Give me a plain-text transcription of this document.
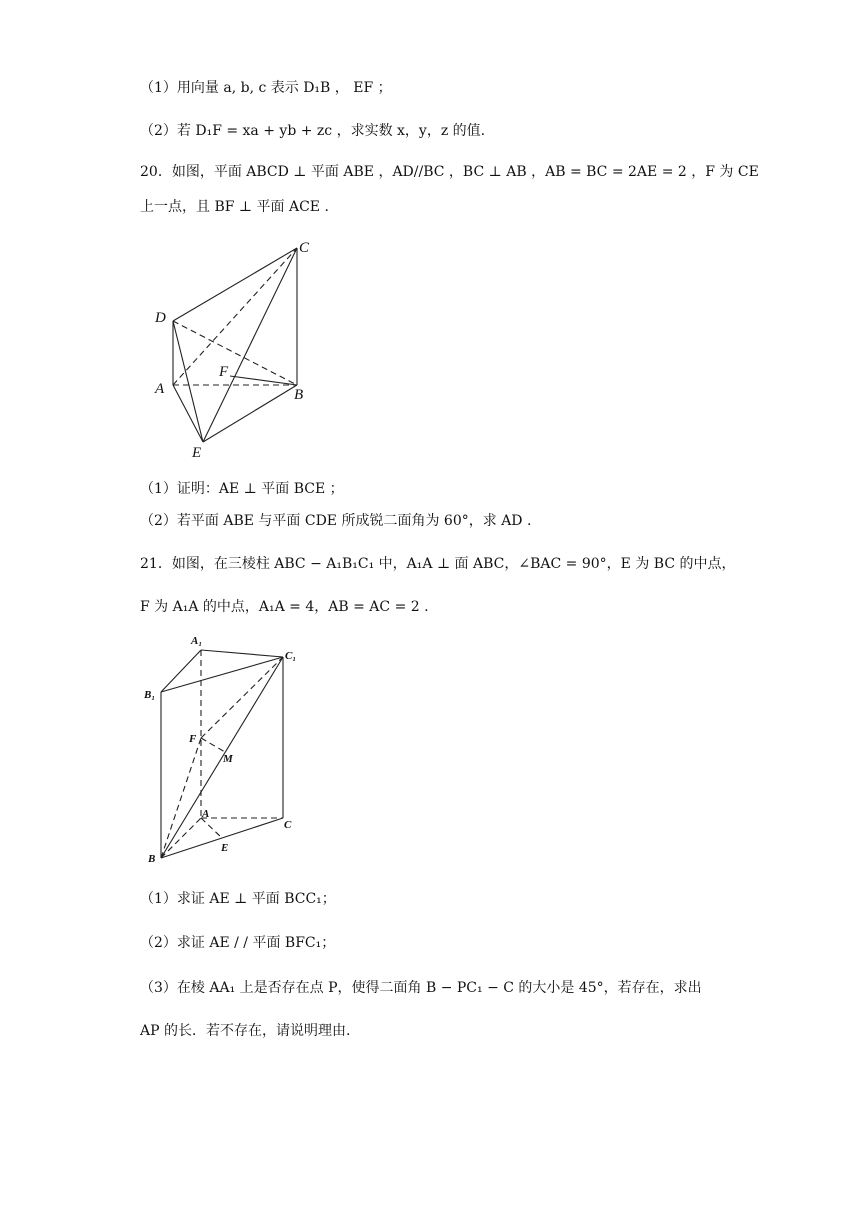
（1）用向量 a, b, c 表示 D₁B ， EF ；
（2）若 D₁F = xa + yb + zc ，求实数 x，y，z 的值.
20．如图，平面 ABCD ⊥ 平面 ABE ，AD//BC ，BC ⊥ AB ，AB = BC = 2AE = 2 ，F 为 CE
上一点，且 BF ⊥ 平面 ACE .
C
D
A
F
B
E
（1）证明：AE ⊥ 平面 BCE ；
（2）若平面 ABE 与平面 CDE 所成锐二面角为 60°，求 AD .
21．如图，在三棱柱 ABC − A₁B₁C₁ 中，A₁A ⊥ 面 ABC，∠BAC = 90°，E 为 BC 的中点，
F 为 A₁A 的中点，A₁A = 4，AB = AC = 2 .
A₁
C₁
B₁
F
M
A
C
B
E
（1）求证 AE ⊥ 平面 BCC₁；
（2）求证 AE / / 平面 BFC₁；
（3）在棱 AA₁ 上是否存在点 P，使得二面角 B − PC₁ − C 的大小是 45°，若存在，求出
AP 的长．若不存在，请说明理由.
